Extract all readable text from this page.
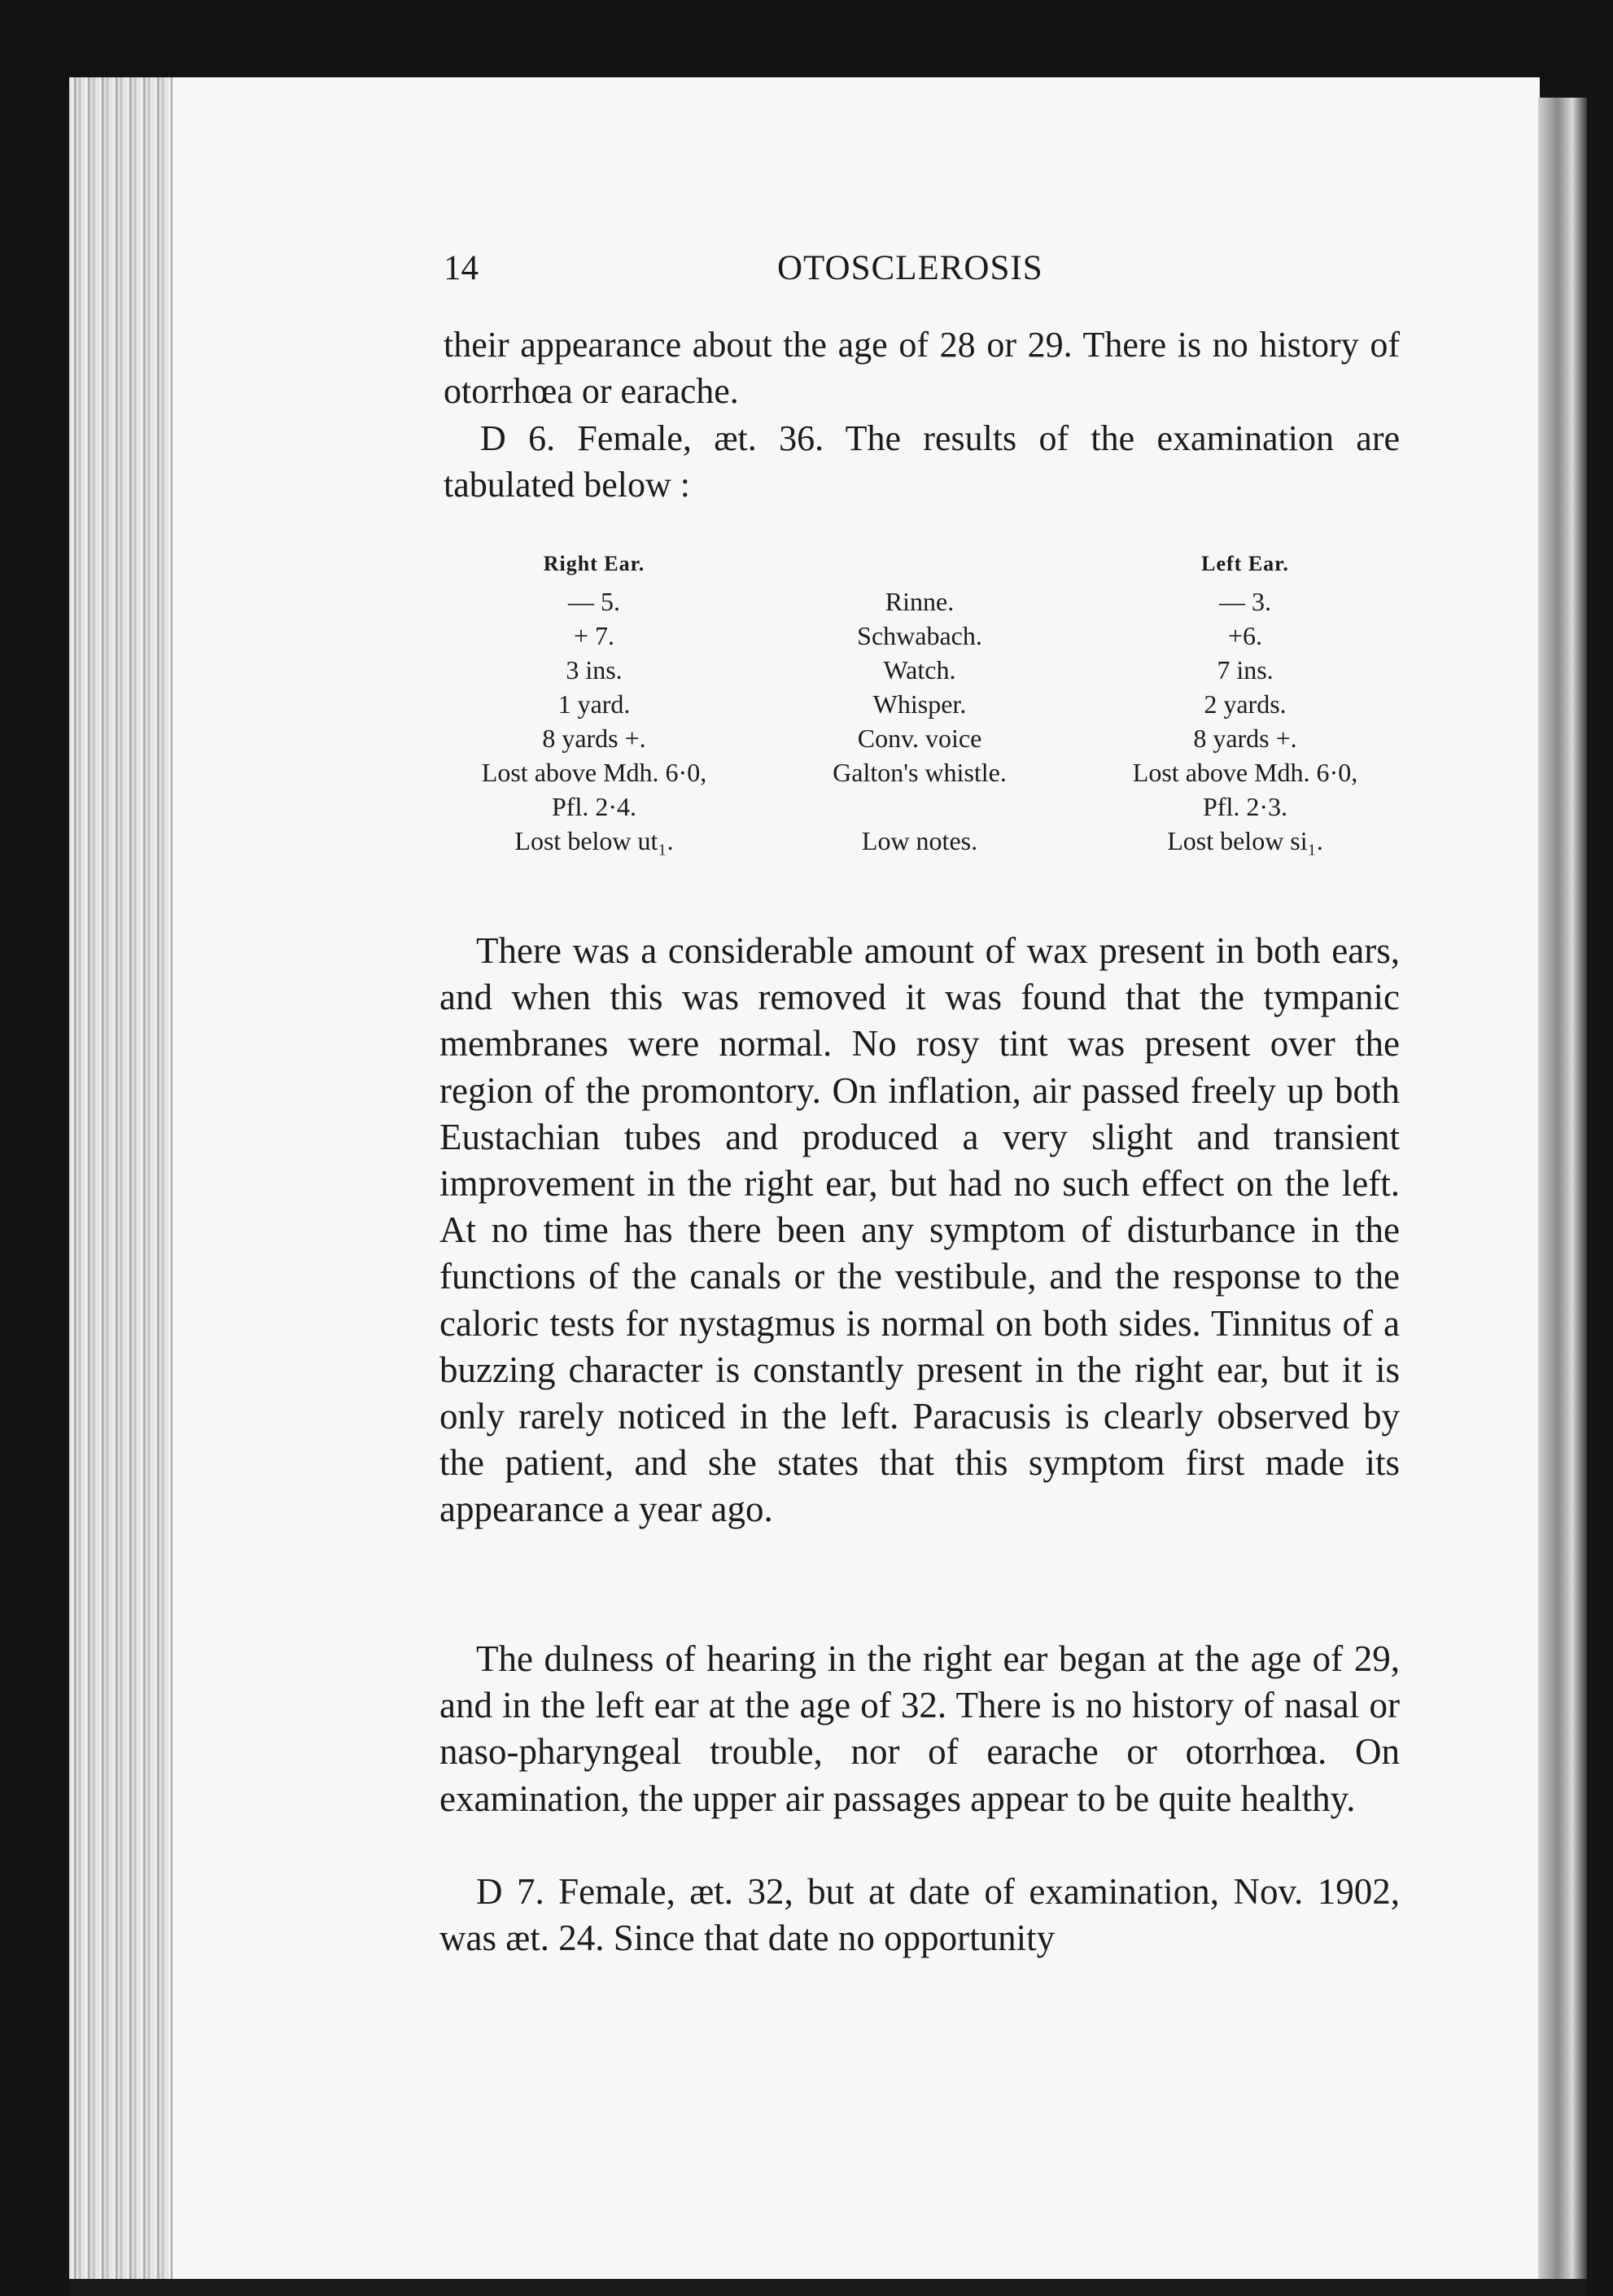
14	OTOSCLEROSIS

their appearance about the age of 28 or 29. There is no history of otorrhœa or earache.

D 6. Female, æt. 36. The results of the examination are tabulated below :

Right Ear.
— 5.
+ 7.
3 ins.
1 yard.
8 yards +.
Lost above Mdh. 6·0,
Pfl. 2·4.
Lost below ut₁.
Rinne.
Schwabach.
Watch.
Whisper.
Conv. voice
Galton's whistle.
Low notes.
Left Ear.
— 3.
+6.
7 ins.
2 yards.
8 yards +.
Lost above Mdh. 6·0,
Pfl. 2·3.
Lost below si₁.

There was a considerable amount of wax present in both ears, and when this was removed it was found that the tympanic membranes were normal. No rosy tint was present over the region of the promontory. On inflation, air passed freely up both Eustachian tubes and produced a very slight and transient improvement in the right ear, but had no such effect on the left. At no time has there been any symptom of disturbance in the functions of the canals or the vestibule, and the response to the caloric tests for nystagmus is normal on both sides. Tinnitus of a buzzing character is constantly present in the right ear, but it is only rarely noticed in the left. Paracusis is clearly observed by the patient, and she states that this symptom first made its appearance a year ago.

The dulness of hearing in the right ear began at the age of 29, and in the left ear at the age of 32. There is no history of nasal or naso-pharyngeal trouble, nor of earache or otorrhœa. On examination, the upper air passages appear to be quite healthy.

D 7. Female, æt. 32, but at date of examination, Nov. 1902, was æt. 24. Since that date no opportunity
